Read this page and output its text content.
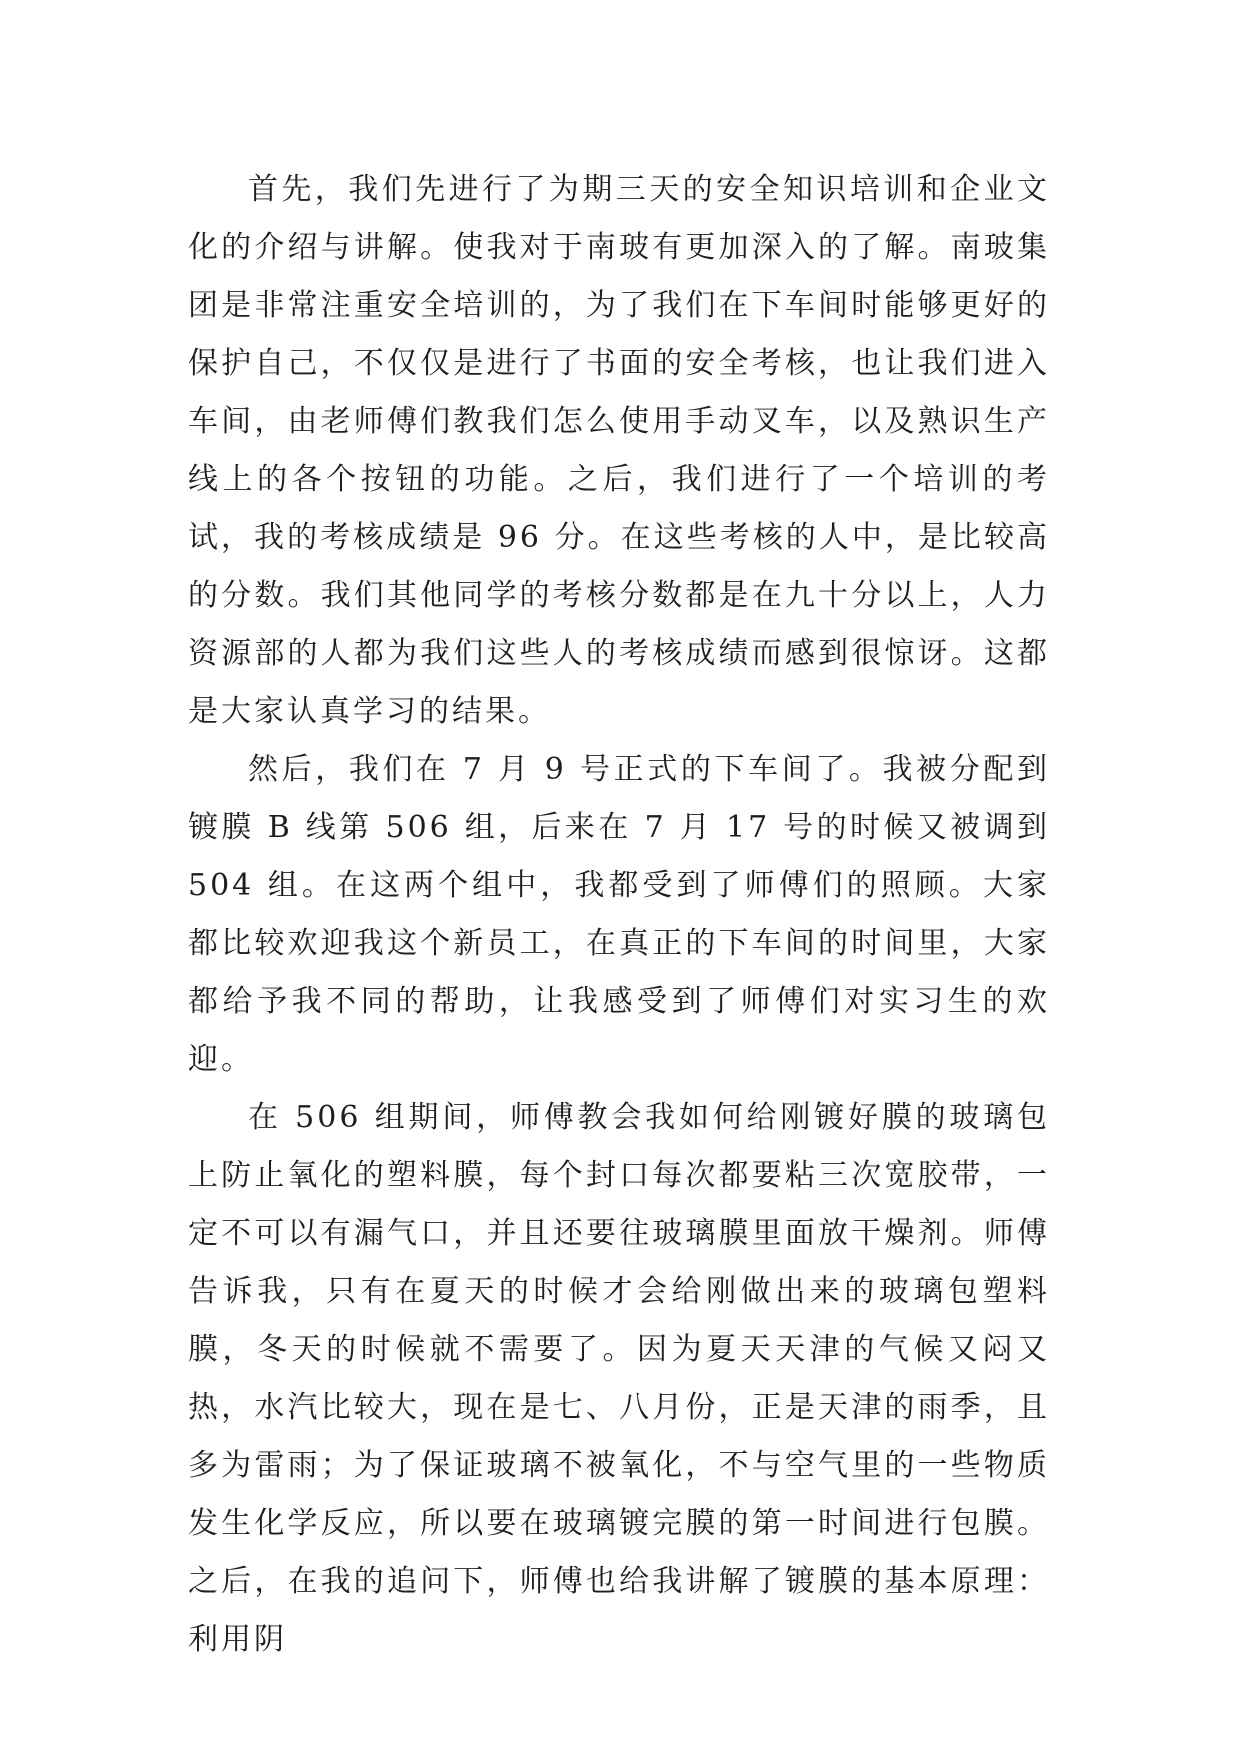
首先，我们先进行了为期三天的安全知识培训和企业文化的介绍与讲解。使我对于南玻有更加深入的了解。南玻集团是非常注重安全培训的，为了我们在下车间时能够更好的保护自己，不仅仅是进行了书面的安全考核，也让我们进入车间，由老师傅们教我们怎么使用手动叉车，以及熟识生产线上的各个按钮的功能。之后，我们进行了一个培训的考试，我的考核成绩是 96 分。在这些考核的人中，是比较高的分数。我们其他同学的考核分数都是在九十分以上，人力资源部的人都为我们这些人的考核成绩而感到很惊讶。这都是大家认真学习的结果。

然后，我们在 7 月 9 号正式的下车间了。我被分配到镀膜 B 线第 506 组，后来在 7 月 17 号的时候又被调到 504 组。在这两个组中，我都受到了师傅们的照顾。大家都比较欢迎我这个新员工，在真正的下车间的时间里，大家都给予我不同的帮助，让我感受到了师傅们对实习生的欢迎。

在 506 组期间，师傅教会我如何给刚镀好膜的玻璃包上防止氧化的塑料膜，每个封口每次都要粘三次宽胶带，一定不可以有漏气口，并且还要往玻璃膜里面放干燥剂。师傅告诉我，只有在夏天的时候才会给刚做出来的玻璃包塑料膜，冬天的时候就不需要了。因为夏天天津的气候又闷又热，水汽比较大，现在是七、八月份，正是天津的雨季，且多为雷雨；为了保证玻璃不被氧化，不与空气里的一些物质发生化学反应，所以要在玻璃镀完膜的第一时间进行包膜。之后，在我的追问下，师傅也给我讲解了镀膜的基本原理：利用阴
